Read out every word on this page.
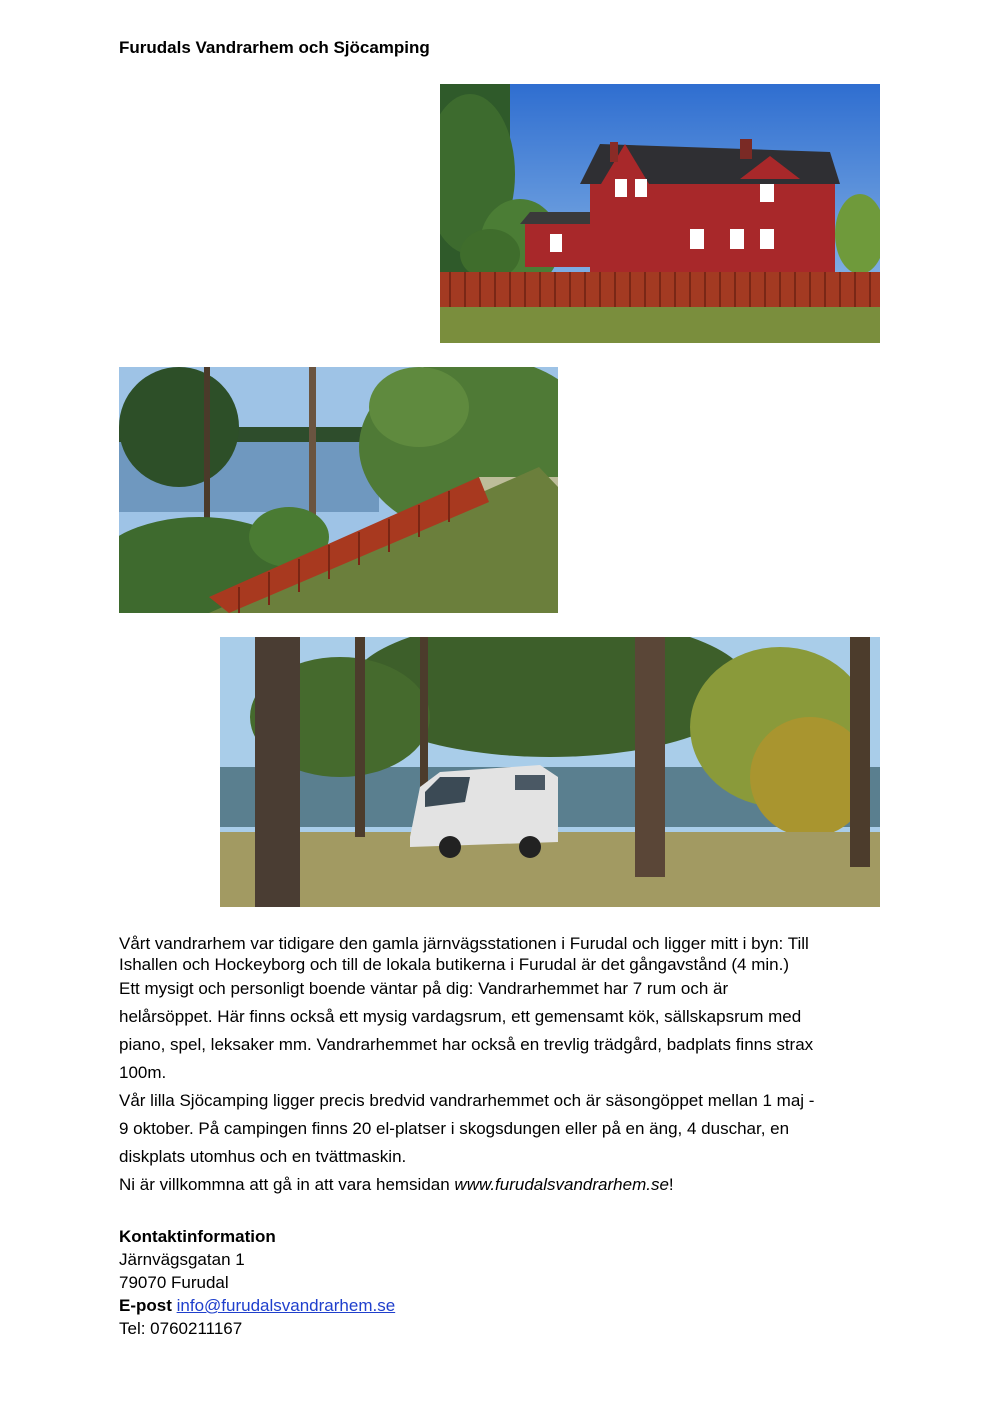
Furudals Vandrarhem och Sjöcamping

Vårt vandrarhem var tidigare den gamla järnvägsstationen i Furudal och ligger mitt i byn: Till
Ishallen och Hockeyborg och till de lokala butikerna i Furudal är det gångavstånd (4 min.)

Ett mysigt och personligt boende väntar på dig: Vandrarhemmet har 7 rum och är
helårsöppet. Här finns också ett mysig vardagsrum, ett gemensamt kök, sällskapsrum med
piano, spel, leksaker mm. Vandrarhemmet har också en trevlig trädgård, badplats finns strax
100m.
Vår lilla Sjöcamping ligger precis bredvid vandrarhemmet och är säsongöppet mellan 1 maj -
9 oktober. På campingen finns 20 el-platser i skogsdungen eller på en äng, 4 duschar, en
diskplats utomhus och en tvättmaskin.
Ni är villkommna att gå in att vara hemsidan www.furudalsvandrarhem.se!

Kontaktinformation
Järnvägsgatan 1
79070 Furudal
E-post info@furudalsvandrarhem.se
Tel: 0760211167
